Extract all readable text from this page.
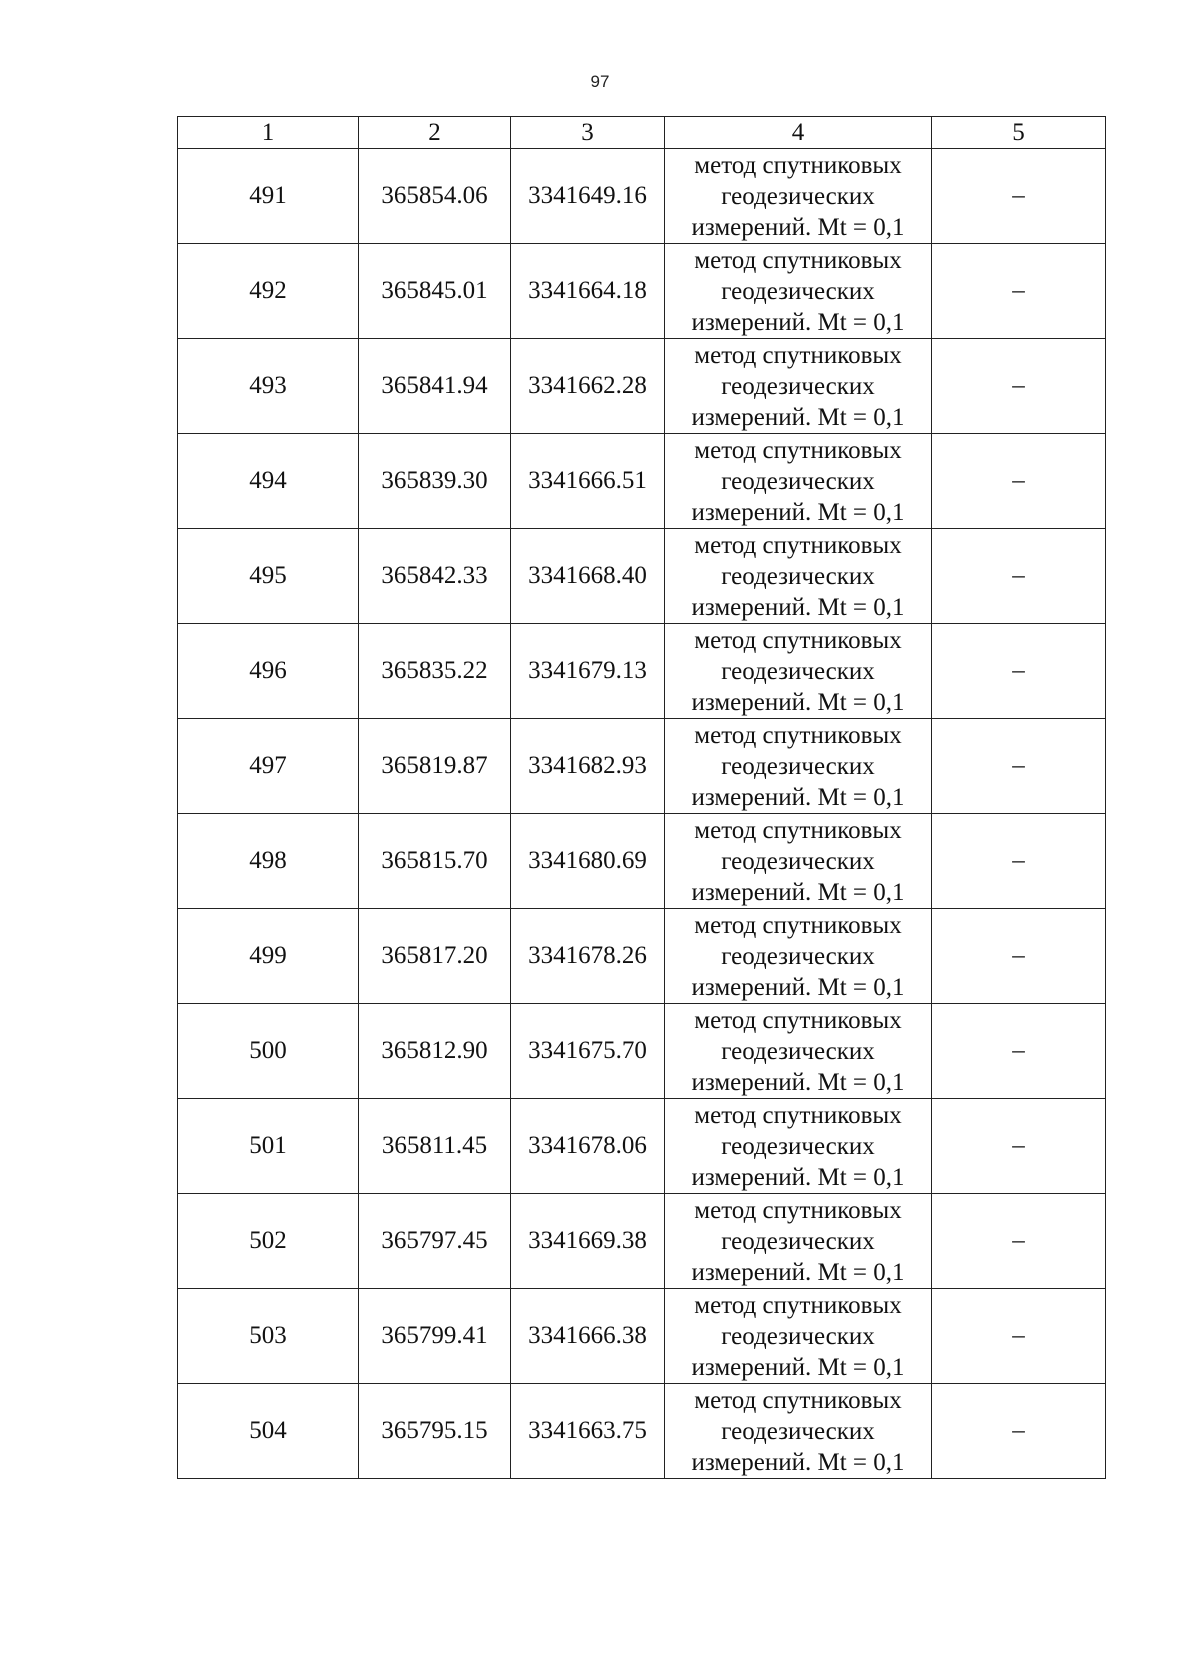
97
1	2	3	4	5
491	365854.06	3341649.16	метод спутниковых геодезических измерений. Mt = 0,1	–
492	365845.01	3341664.18	метод спутниковых геодезических измерений. Mt = 0,1	–
493	365841.94	3341662.28	метод спутниковых геодезических измерений. Mt = 0,1	–
494	365839.30	3341666.51	метод спутниковых геодезических измерений. Mt = 0,1	–
495	365842.33	3341668.40	метод спутниковых геодезических измерений. Mt = 0,1	–
496	365835.22	3341679.13	метод спутниковых геодезических измерений. Mt = 0,1	–
497	365819.87	3341682.93	метод спутниковых геодезических измерений. Mt = 0,1	–
498	365815.70	3341680.69	метод спутниковых геодезических измерений. Mt = 0,1	–
499	365817.20	3341678.26	метод спутниковых геодезических измерений. Mt = 0,1	–
500	365812.90	3341675.70	метод спутниковых геодезических измерений. Mt = 0,1	–
501	365811.45	3341678.06	метод спутниковых геодезических измерений. Mt = 0,1	–
502	365797.45	3341669.38	метод спутниковых геодезических измерений. Mt = 0,1	–
503	365799.41	3341666.38	метод спутниковых геодезических измерений. Mt = 0,1	–
504	365795.15	3341663.75	метод спутниковых геодезических измерений. Mt = 0,1	–
